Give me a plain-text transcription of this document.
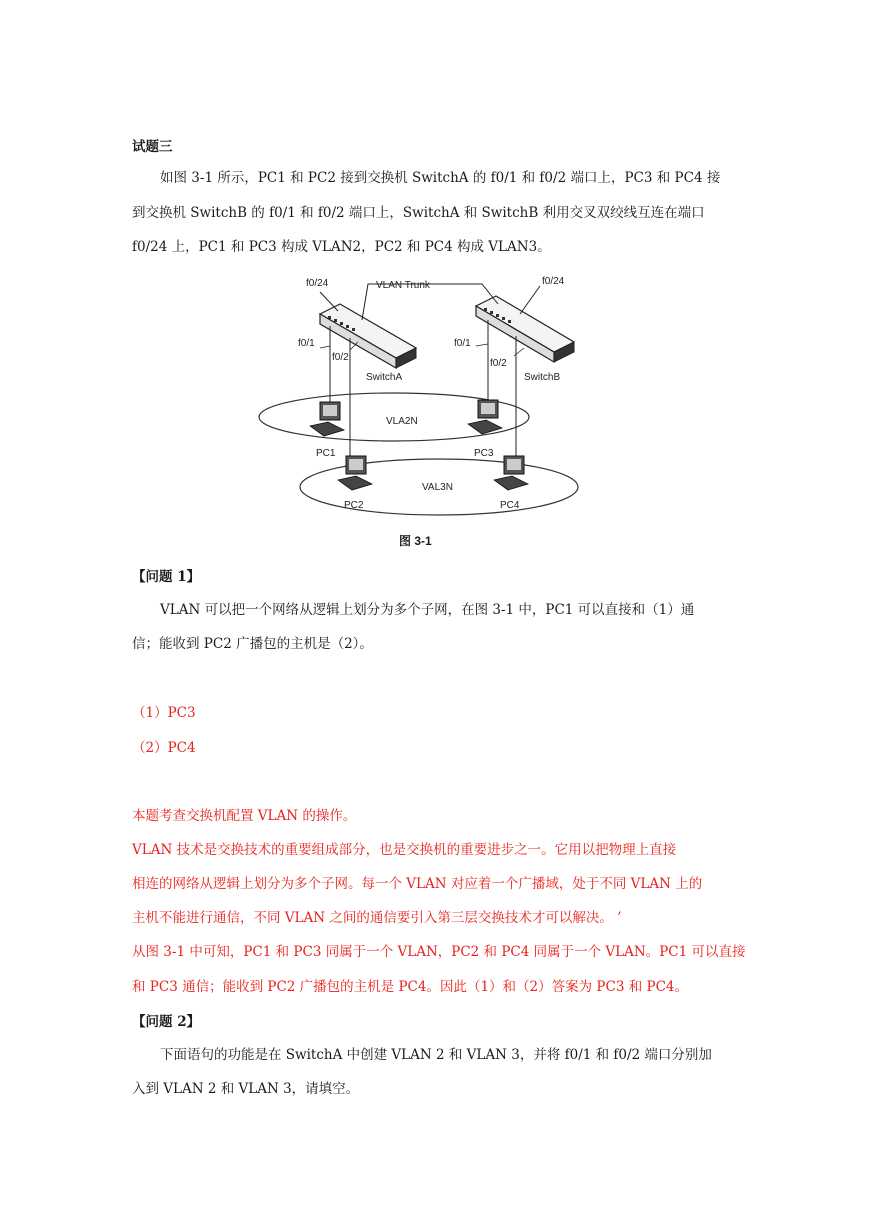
试题三
如图 3-1 所示，PC1 和 PC2 接到交换机 SwitchA 的 f0/1 和 f0/2 端口上，PC3 和 PC4 接
到交换机 SwitchB 的 f0/1 和 f0/2 端口上，SwitchA 和 SwitchB 利用交叉双绞线互连在端口
f0/24 上，PC1 和 PC3 构成 VLAN2，PC2 和 PC4 构成 VLAN3。
f0/24	VLAN Trunk	f0/24
f0/1
f0/2
f0/1
f0/2
SwitchA	SwitchB
VLA2N
VAL3N
PC1
PC2
PC3
PC4
图 3-1
【问题 1】
VLAN 可以把一个网络从逻辑上划分为多个子网，在图 3-1 中，PC1 可以直接和（1）通
信；能收到 PC2 广播包的主机是（2）。
（1）PC3
（2）PC4
本题考查交换机配置 VLAN 的操作。
VLAN 技术是交换技术的重要组成部分，也是交换机的重要进步之一。它用以把物理上直接
相连的网络从逻辑上划分为多个子网。每一个 VLAN 对应着一个广播域，处于不同 VLAN 上的
主机不能进行通信，不同 VLAN 之间的通信要引入第三层交换技术才可以解决。 ’
从图 3-1 中可知，PC1 和 PC3 同属于一个 VLAN，PC2 和 PC4 同属于一个 VLAN。PC1 可以直接
和 PC3 通信；能收到 PC2 广播包的主机是 PC4。因此（1）和（2）答案为 PC3 和 PC4。
【问题 2】
下面语句的功能是在 SwitchA 中创建 VLAN 2 和 VLAN 3，并将 f0/1 和 f0/2 端口分别加
入到 VLAN 2 和 VLAN 3，请填空。
